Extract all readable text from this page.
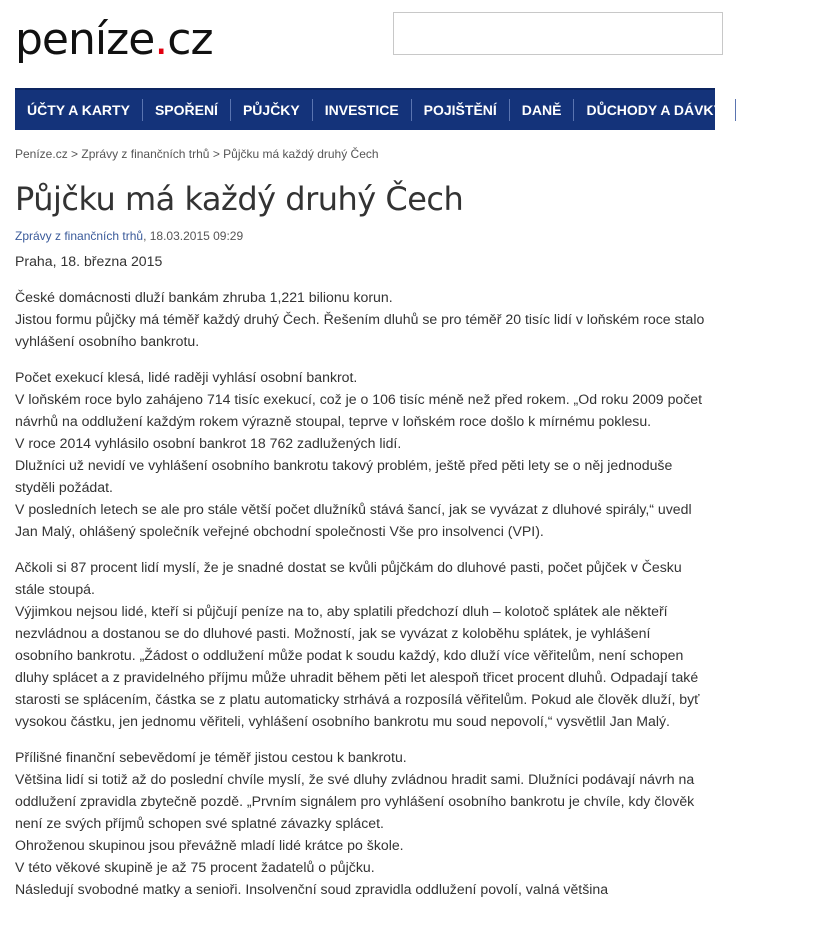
peníze.cz
ÚČTY A KARTY	SPOŘENÍ	PŮJČKY	INVESTICE	POJIŠTĚNÍ	DANĚ	DŮCHODY A DÁVKY	BYDLENÍ
Peníze.cz > Zprávy z finančních trhů > Půjčku má každý druhý Čech
Půjčku má každý druhý Čech
Zprávy z finančních trhů, 18.03.2015 09:29

Praha, 18. března 2015

České domácnosti dluží bankám zhruba 1,221 bilionu korun.
Jistou formu půjčky má téměř každý druhý Čech. Řešením dluhů se pro téměř 20 tisíc lidí v loňském roce stalo vyhlášení osobního bankrotu.

Počet exekucí klesá, lidé raději vyhlásí osobní bankrot.
V loňském roce bylo zahájeno 714 tisíc exekucí, což je o 106 tisíc méně než před rokem. „Od roku 2009 počet návrhů na oddlužení každým rokem výrazně stoupal, teprve v loňském roce došlo k mírnému poklesu.
V roce 2014 vyhlásilo osobní bankrot 18 762 zadlužených lidí.
Dlužníci už nevidí ve vyhlášení osobního bankrotu takový problém, ještě před pěti lety se o něj jednoduše styděli požádat.
V posledních letech se ale pro stále větší počet dlužníků stává šancí, jak se vyvázat z dluhové spirály,“ uvedl Jan Malý, ohlášený společník veřejné obchodní společnosti Vše pro insolvenci (VPI).

Ačkoli si 87 procent lidí myslí, že je snadné dostat se kvůli půjčkám do dluhové pasti, počet půjček v Česku stále stoupá.
Výjimkou nejsou lidé, kteří si půjčují peníze na to, aby splatili předchozí dluh – kolotoč splátek ale někteří nezvládnou a dostanou se do dluhové pasti. Možností, jak se vyvázat z koloběhu splátek, je vyhlášení osobního bankrotu. „Žádost o oddlužení může podat k soudu každý, kdo dluží více věřitelům, není schopen dluhy splácet a z pravidelného příjmu může uhradit během pěti let alespoň třicet procent dluhů. Odpadají také starosti se splácením, částka se z platu automaticky strhává a rozposílá věřitelům. Pokud ale člověk dluží, byť vysokou částku, jen jednomu věřiteli, vyhlášení osobního bankrotu mu soud nepovolí,“ vysvětlil Jan Malý.

Přílišné finanční sebevědomí je téměř jistou cestou k bankrotu.
Většina lidí si totiž až do poslední chvíle myslí, že své dluhy zvládnou hradit sami. Dlužníci podávají návrh na oddlužení zpravidla zbytečně pozdě. „Prvním signálem pro vyhlášení osobního bankrotu je chvíle, kdy člověk není ze svých příjmů schopen své splatné závazky splácet.
Ohroženou skupinou jsou převážně mladí lidé krátce po škole.
V této věkové skupině je až 75 procent žadatelů o půjčku.
Následují svobodné matky a senioři. Insolvenční soud zpravidla oddlužení povolí, valná většina
